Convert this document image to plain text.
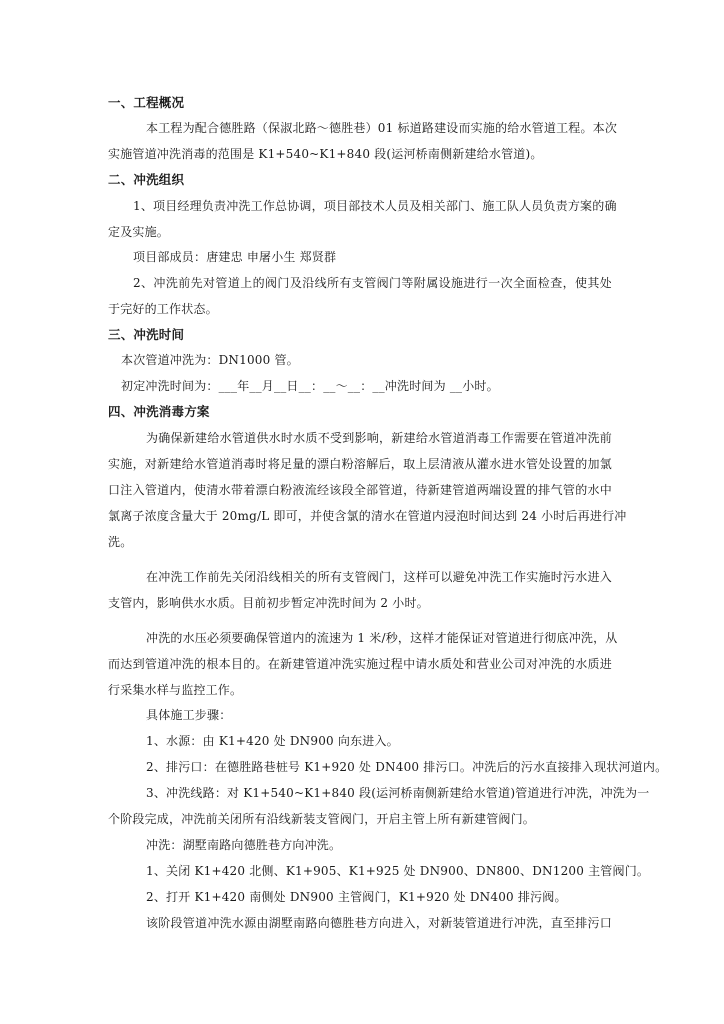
一、工程概况
本工程为配合德胜路（保淑北路～德胜巷）01 标道路建设而实施的给水管道工程。本次
实施管道冲洗消毒的范围是 K1+540~K1+840 段(运河桥南侧新建给水管道)。
二、冲洗组织
1、项目经理负责冲洗工作总协调，项目部技术人员及相关部门、施工队人员负责方案的确
定及实施。
项目部成员：唐建忠 申屠小生 郑贤群
2、冲洗前先对管道上的阀门及沿线所有支管阀门等附属设施进行一次全面检查，使其处
于完好的工作状态。
三、冲洗时间
本次管道冲洗为：DN1000 管。
初定冲洗时间为：___年__月__日__：__～__：__冲洗时间为 __小时。
四、冲洗消毒方案
为确保新建给水管道供水时水质不受到影响，新建给水管道消毒工作需要在管道冲洗前
实施，对新建给水管道消毒时将足量的漂白粉溶解后，取上层清液从灌水进水管处设置的加氯
口注入管道内，使清水带着漂白粉液流经该段全部管道，待新建管道两端设置的排气管的水中
氯离子浓度含量大于 20mg/L 即可，并使含氯的清水在管道内浸泡时间达到 24 小时后再进行冲
洗。
在冲洗工作前先关闭沿线相关的所有支管阀门，这样可以避免冲洗工作实施时污水进入
支管内，影响供水水质。目前初步暂定冲洗时间为 2 小时。
冲洗的水压必须要确保管道内的流速为 1 米/秒，这样才能保证对管道进行彻底冲洗，从
而达到管道冲洗的根本目的。在新建管道冲洗实施过程中请水质处和营业公司对冲洗的水质进
行采集水样与监控工作。
具体施工步骤：
1、水源：由 K1+420 处 DN900 向东进入。
2、排污口：在德胜路巷桩号 K1+920 处 DN400 排污口。冲洗后的污水直接排入现状河道内。
3、冲洗线路：对 K1+540~K1+840 段(运河桥南侧新建给水管道)管道进行冲洗，冲洗为一
个阶段完成，冲洗前关闭所有沿线新装支管阀门，开启主管上所有新建管阀门。
冲洗：湖墅南路向德胜巷方向冲洗。
1、关闭 K1+420 北侧、K1+905、K1+925 处 DN900、DN800、DN1200 主管阀门。
2、打开 K1+420 南侧处 DN900 主管阀门，K1+920 处 DN400 排污阀。
该阶段管道冲洗水源由湖墅南路向德胜巷方向进入，对新装管道进行冲洗，直至排污口
